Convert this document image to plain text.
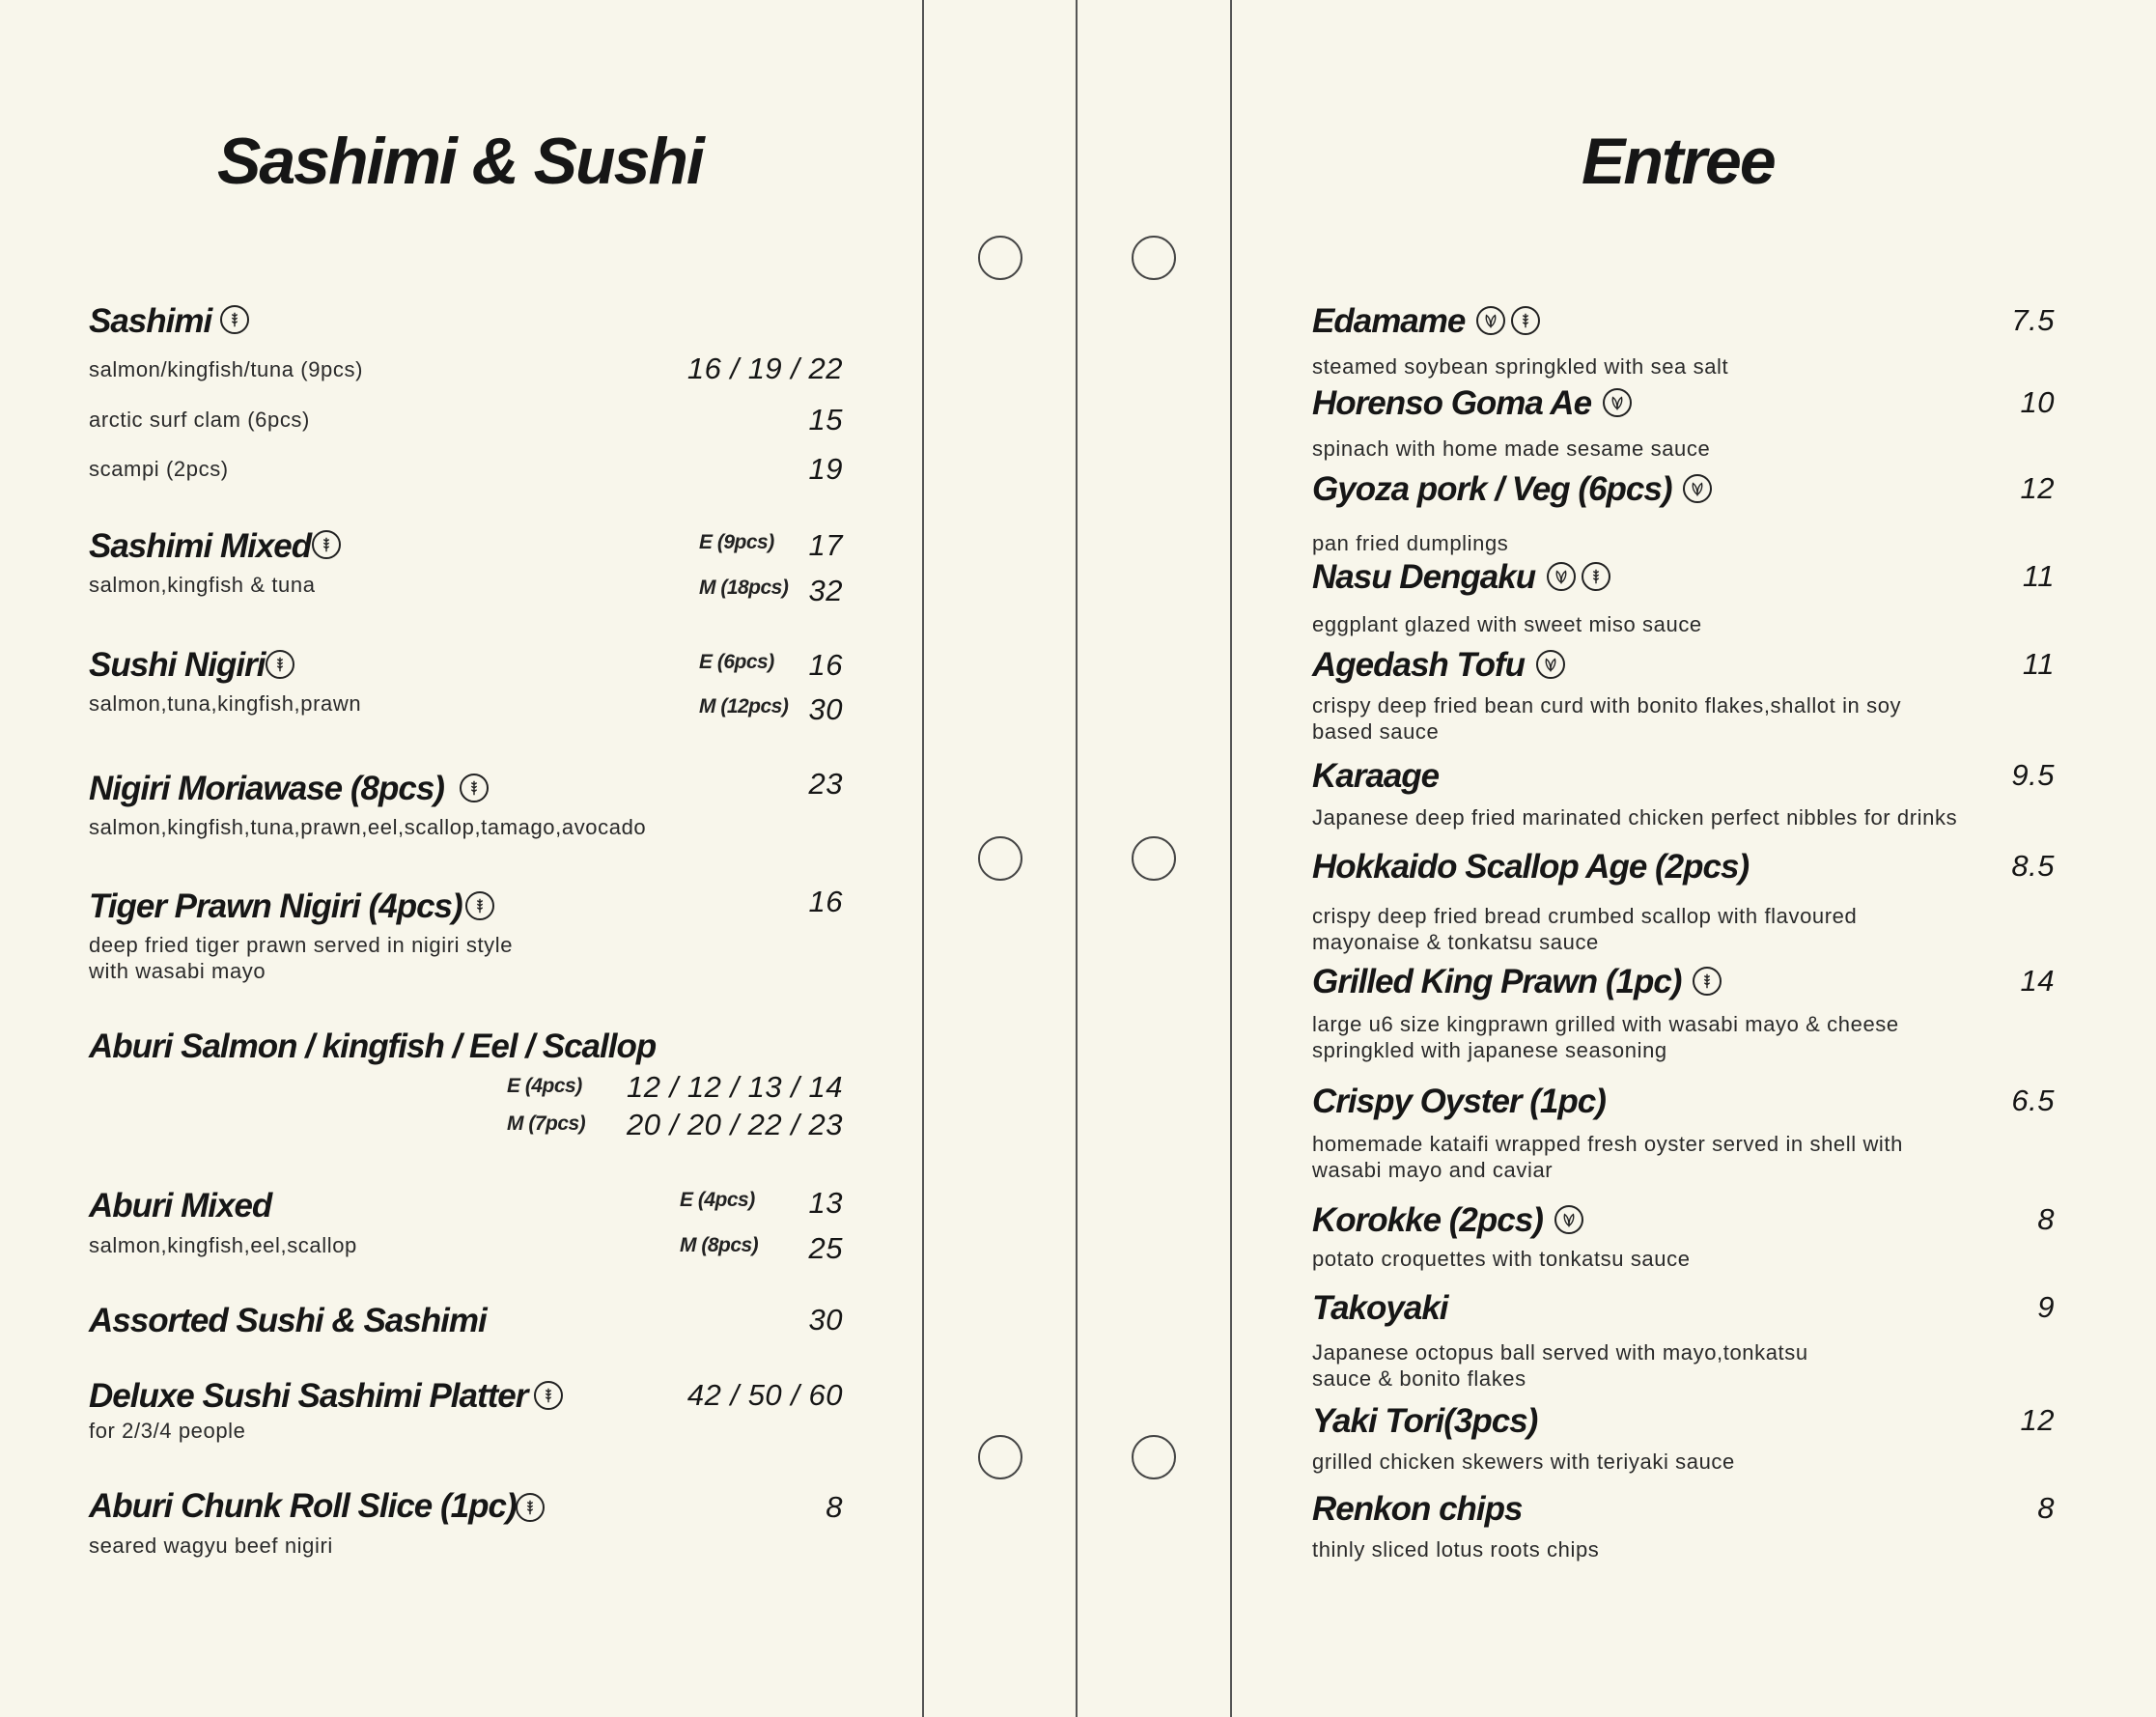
Sashimi & Sushi
Sashimi
salmon/kingfish/tuna (9pcs)	16 / 19 / 22
arctic surf clam (6pcs)	15
scampi (2pcs)	19
Sashimi Mixed
salmon,kingfish & tuna
E (9pcs) 17
M (18pcs) 32
Sushi Nigiri
salmon,tuna,kingfish,prawn
E (6pcs) 16
M (12pcs) 30
Nigiri Moriawase (8pcs)
salmon,kingfish,tuna,prawn,eel,scallop,tamago,avocado
23
Tiger Prawn Nigiri (4pcs)
deep fried tiger prawn served in nigiri style
with wasabi mayo
16
Aburi Salmon / kingfish / Eel / Scallop
E (4pcs) 12 / 12 / 13 / 14
M (7pcs) 20 / 20 / 22 / 23
Aburi Mixed
salmon,kingfish,eel,scallop
E (4pcs) 13
M (8pcs) 25
Assorted Sushi & Sashimi	30
Deluxe Sushi Sashimi Platter
for 2/3/4 people
42 / 50 / 60
Aburi Chunk Roll Slice (1pc)
seared wagyu beef nigiri
8
Entree
Edamame	7.5
steamed soybean springkled with sea salt
Horenso Goma Ae	10
spinach with home made sesame sauce
Gyoza pork / Veg (6pcs)	12
pan fried dumplings
Nasu Dengaku	11
eggplant glazed with sweet miso sauce
Agedash Tofu	11
crispy deep fried bean curd with bonito flakes,shallot in soy
based sauce
Karaage	9.5
Japanese deep fried marinated chicken perfect nibbles for drinks
Hokkaido Scallop Age (2pcs)	8.5
crispy deep fried bread crumbed scallop with flavoured
mayonaise & tonkatsu sauce
Grilled King Prawn (1pc)	14
large u6 size kingprawn grilled with wasabi mayo & cheese
springkled with japanese seasoning
Crispy Oyster (1pc)	6.5
homemade kataifi wrapped fresh oyster served in shell with
wasabi mayo and caviar
Korokke (2pcs)	8
potato croquettes with tonkatsu sauce
Takoyaki	9
Japanese octopus ball served with mayo,tonkatsu
sauce & bonito flakes
Yaki Tori(3pcs)	12
grilled chicken skewers with teriyaki sauce
Renkon chips	8
thinly sliced lotus roots chips
